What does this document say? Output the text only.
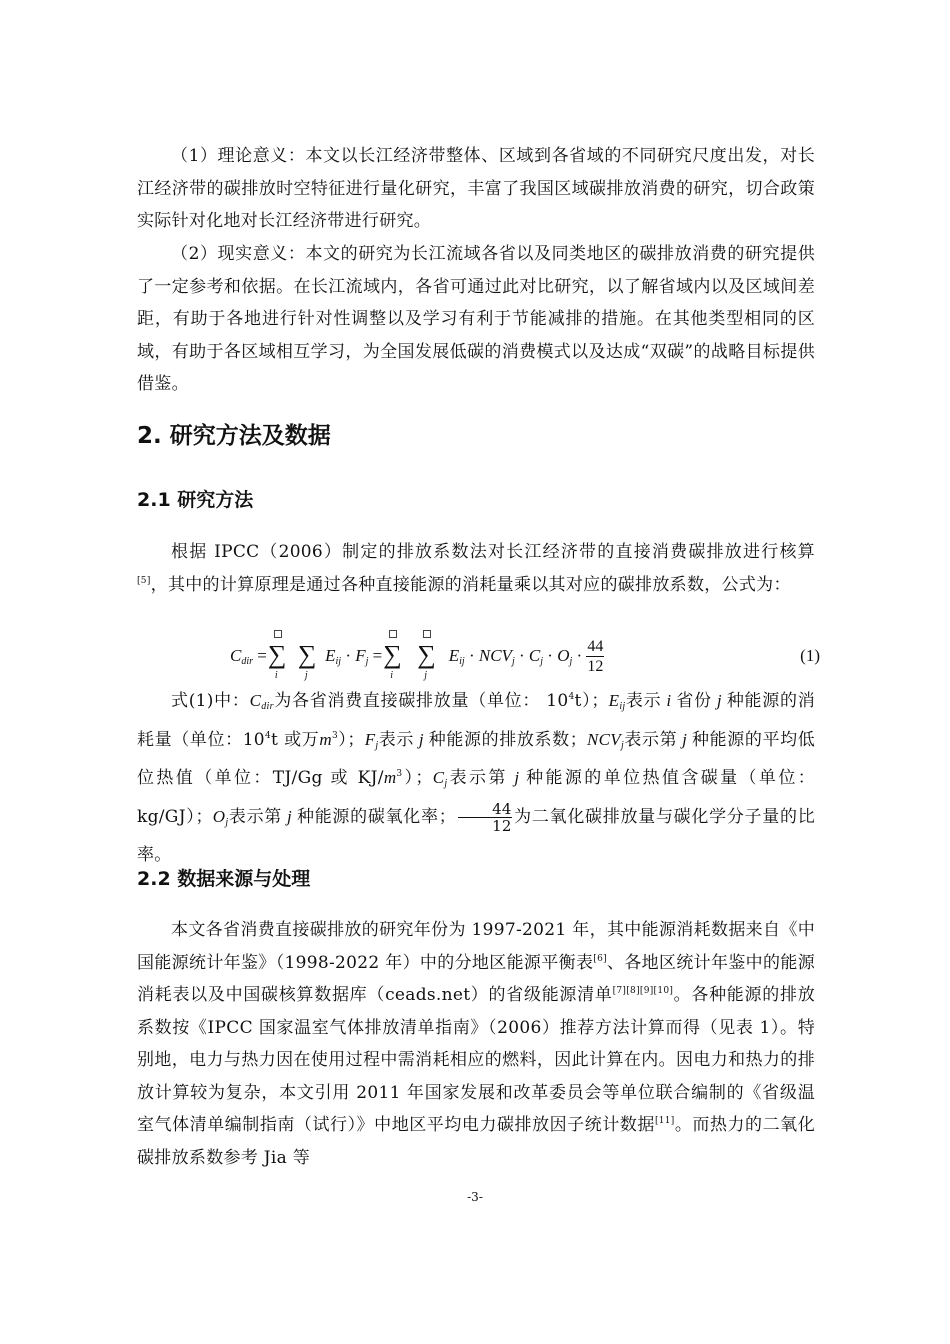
（1）理论意义：本文以长江经济带整体、区域到各省域的不同研究尺度出发，对长江经济带的碳排放时空特征进行量化研究，丰富了我国区域碳排放消费的研究，切合政策实际针对化地对长江经济带进行研究。

（2）现实意义：本文的研究为长江流域各省以及同类地区的碳排放消费的研究提供了一定参考和依据。在长江流域内，各省可通过此对比研究，以了解省域内以及区域间差距，有助于各地进行针对性调整以及学习有利于节能减排的措施。在其他类型相同的区域，有助于各区域相互学习，为全国发展低碳的消费模式以及达成“双碳”的战略目标提供借鉴。

2. 研究方法及数据
2.1 研究方法

根据 IPCC（2006）制定的排放系数法对长江经济带的直接消费碳排放进行核算[5]，其中的计算原理是通过各种直接能源的消耗量乘以其对应的碳排放系数，公式为：

$C_{dir}$ = ∑
i
∑
j
$E_{ij} \cdot F_j$ = ∑
i
∑
j
$E_{ij} \cdot NCV_j \cdot C_j \cdot O_j \cdot \frac{44}{12}$	(1)

式(1)中：$C_{dir}$为各省消费直接碳排放量（单位： $10^4t$）；$E_{ij}$表示 i 省份 j 种能源的消耗量（单位：$10^4t$ 或万$m^3$）；$F_j$表示 j 种能源的排放系数；$NCV_j$表示第 j 种能源的平均低位热值（单位：TJ/Gg 或 $KJ/m^3$）；$C_j$表示第 j 种能源的单位热值含碳量（单位：kg/GJ）；$O_j$表示第 j 种能源的碳氧化率； $\frac{44}{12}$ 为二氧化碳排放量与碳化学分子量的比率。

2.2 数据来源与处理

本文各省消费直接碳排放的研究年份为 1997-2021 年，其中能源消耗数据来自《中国能源统计年鉴》（1998-2022 年）中的分地区能源平衡表[6]、各地区统计年鉴中的能源消耗表以及中国碳核算数据库（ceads.net）的省级能源清单[7][8][9][10]。各种能源的排放系数按《IPCC 国家温室气体排放清单指南》（2006）推荐方法计算而得（见表 1）。特别地，电力与热力因在使用过程中需消耗相应的燃料，因此计算在内。因电力和热力的排放计算较为复杂，本文引用 2011 年国家发展和改革委员会等单位联合编制的《省级温室气体清单编制指南（试行）》中地区平均电力碳排放因子统计数据[11]。而热力的二氧化碳排放系数参考 Jia 等

-3-
